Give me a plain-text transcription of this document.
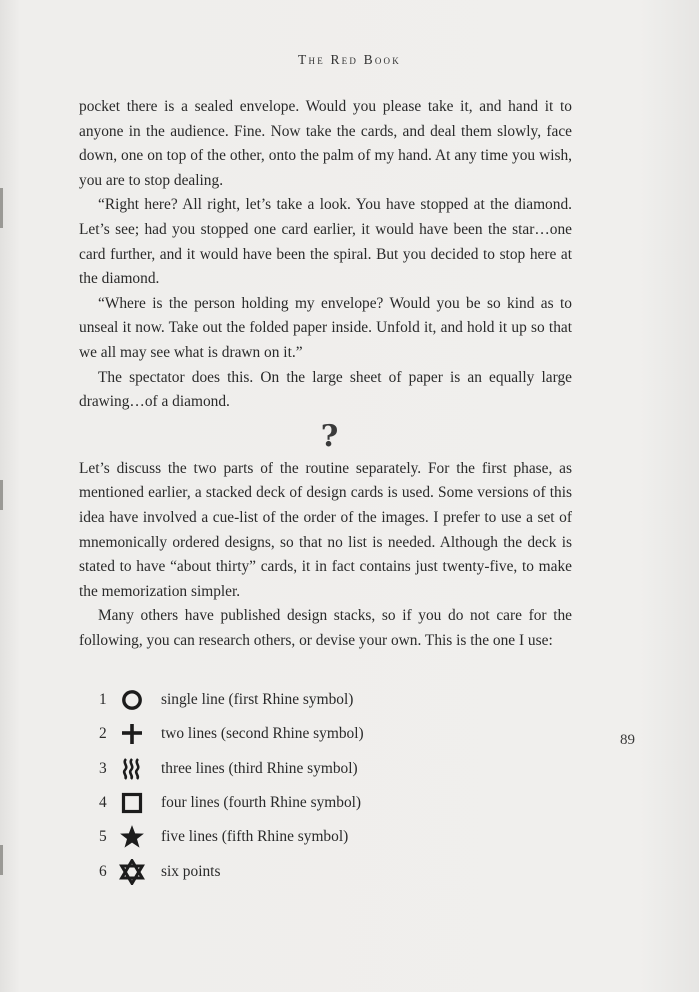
The Red Book

pocket there is a sealed envelope. Would you please take it, and hand it to anyone in the audience. Fine. Now take the cards, and deal them slowly, face down, one on top of the other, onto the palm of my hand. At any time you wish, you are to stop dealing.

“Right here? All right, let’s take a look. You have stopped at the diamond. Let’s see; had you stopped one card earlier, it would have been the star…one card further, and it would have been the spiral. But you decided to stop here at the diamond.

“Where is the person holding my envelope? Would you be so kind as to unseal it now. Take out the folded paper inside. Unfold it, and hold it up so that we all may see what is drawn on it.”

The spectator does this. On the large sheet of paper is an equally large drawing…of a diamond.

?

Let’s discuss the two parts of the routine separately. For the first phase, as mentioned earlier, a stacked deck of design cards is used. Some versions of this idea have involved a cue-list of the order of the images. I prefer to use a set of mnemonically ordered designs, so that no list is needed. Although the deck is stated to have “about thirty” cards, it in fact contains just twenty-five, to make the memorization simpler.

Many others have published design stacks, so if you do not care for the following, you can research others, or devise your own. This is the one I use:

1	single line (first Rhine symbol)
2	two lines (second Rhine symbol)
3	three lines (third Rhine symbol)
4	four lines (fourth Rhine symbol)
5	five lines (fifth Rhine symbol)
6	six points
89
